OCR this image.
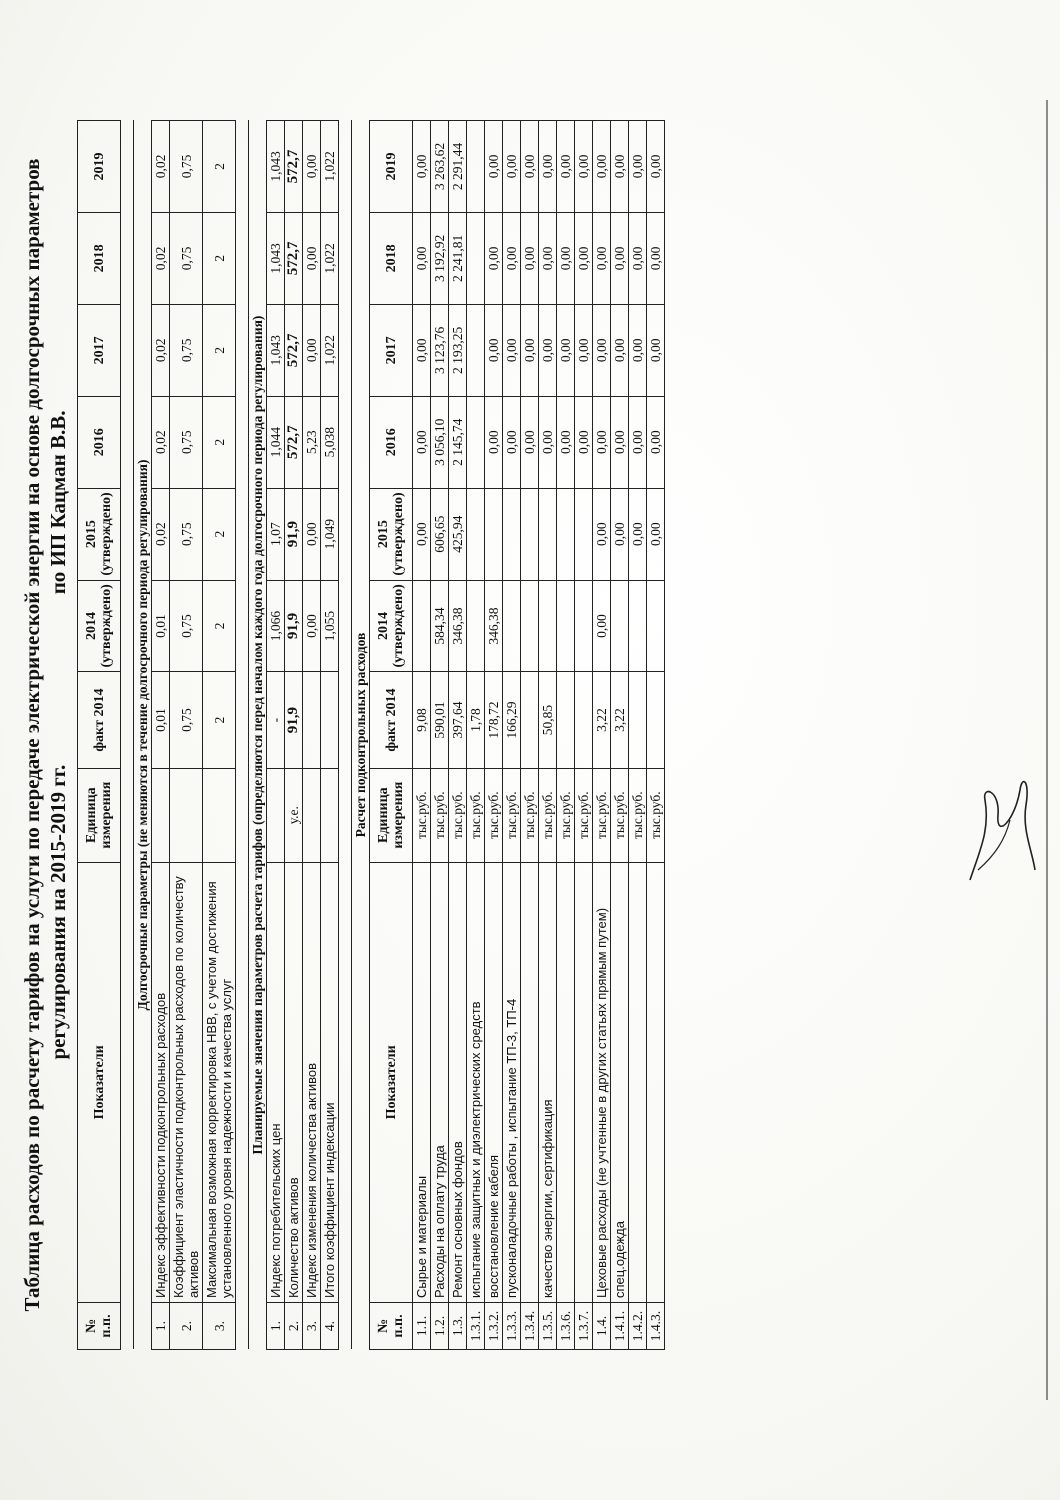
Таблица расходов по расчету тарифов на услуги по передаче электрической энергии на основе долгосрочных параметров регулирования на 2015-2019 гг.  по ИП Кацман В.В.
№ п.п.	Показатели	Единица измерения	факт 2014	2014 (утверждено)	2015 (утверждено)	2016	2017	2018	2019

Долгосрочные параметры (не меняются в течение долгосрочного периода регулирования)									
1.	Индекс эффективности подконтрольных расходов		0,01	0,01	0,02	0,02	0,02	0,02	0,02
2.	Коэффициент эластичности подконтрольных расходов по количеству активов		0,75	0,75	0,75	0,75	0,75	0,75	0,75
3.	Максимальная возможная корректировка НВВ, с учетом достижения установленного уровня надежности и качества услуг		2	2	2	2	2	2	2

Планируемые значения параметров расчета тарифов (определяются перед началом каждого года долгосрочного периода регулирования)									
1.	Индекс потребительских цен		-	1,066	1,07	1,044	1,043	1,043	1,043
2.	Количество активов	у.е.	91,9	91,9	91,9	572,7	572,7	572,7	572,7
3.	Индекс изменения количества активов			0,00	0,00	5,23	0,00	0,00	0,00
4.	Итого коэффициент индексации			1,055	1,049	5,038	1,022	1,022	1,022

Расчет подконтрольных расходов									
№ п.п.	Показатели	Единица измерения	факт 2014	2014 (утверждено)	2015 (утверждено)	2016	2017	2018	2019
1.1.	Сырье и материалы	тыс.руб.	9,08		0,00	0,00	0,00	0,00	0,00
1.2.	Расходы на оплату труда	тыс.руб.	590,01	584,34	606,65	3 056,10	3 123,76	3 192,92	3 263,62
1.3.	Ремонт основных фондов	тыс.руб.	397,64	346,38	425,94	2 145,74	2 193,25	2 241,81	2 291,44
1.3.1.	испытание защитных и диэлектрических средств	тыс.руб.	1,78						
1.3.2.	восстановление кабеля	тыс.руб.	178,72	346,38		0,00	0,00	0,00	0,00
1.3.3.	пусконаладочные работы , испытание ТП-3, ТП-4	тыс.руб.	166,29			0,00	0,00	0,00	0,00
1.3.4.		тыс.руб.				0,00	0,00	0,00	0,00
1.3.5.	качество энергии, сертификация	тыс.руб.	50,85			0,00	0,00	0,00	0,00
1.3.6.		тыс.руб.				0,00	0,00	0,00	0,00
1.3.7.		тыс.руб.				0,00	0,00	0,00	0,00
1.4.	Цеховые расходы (не учтенные в других статьях прямым путем)	тыс.руб.	3,22	0,00	0,00	0,00	0,00	0,00	0,00
1.4.1.	спец.одежда	тыс.руб.	3,22		0,00	0,00	0,00	0,00	0,00
1.4.2.		тыс.руб.			0,00	0,00	0,00	0,00	0,00
1.4.3.		тыс.руб.			0,00	0,00	0,00	0,00	0,00
